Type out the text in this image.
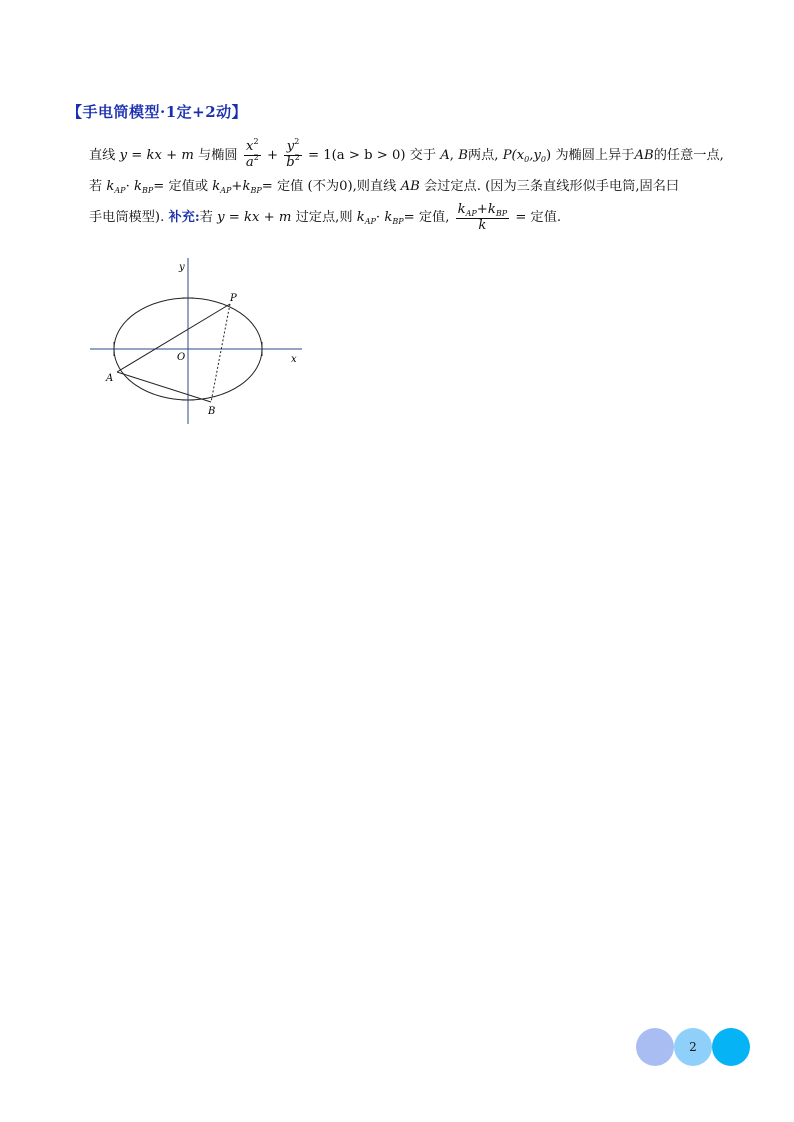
【手电筒模型·1定+2动】
直线 y = kx + m 与椭圆 $\frac{x^2}{a^2} + \frac{y^2}{b^2} = 1(a > b > 0)$ 交于 A, B两点, $P(x_0,y_0)$ 为椭圆上异于AB的任意一点,
若 $k_{AP}\cdot k_{BP}=$ 定值或 $k_{AP}+k_{BP}=$ 定值 (不为0),则直线 AB 会过定点. (因为三条直线形似手电筒,固名曰
手电筒模型). 补充:若 y = kx + m 过定点,则 $k_{AP}\cdot k_{BP}=$ 定值, $\frac{k_{AP}+k_{BP}}{k}$ = 定值.
y
x
O
P
A
B
2
